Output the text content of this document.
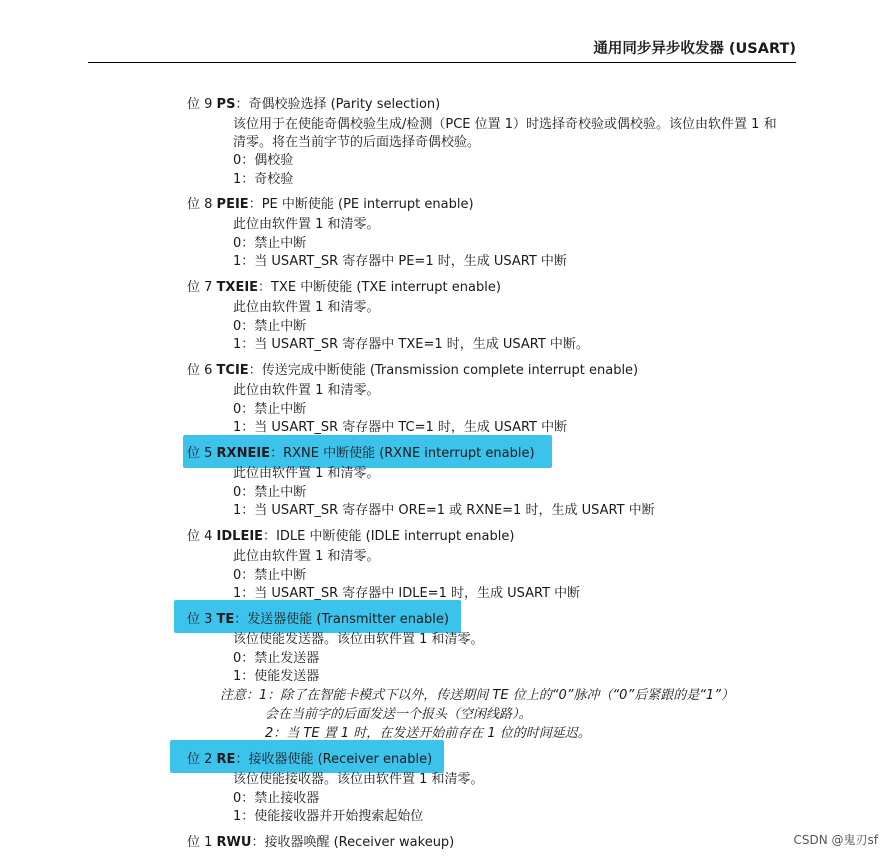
通用同步异步收发器 (USART)
位 9 PS：奇偶校验选择 (Parity selection)
该位用于在使能奇偶校验生成/检测（PCE 位置 1）时选择奇校验或偶校验。该位由软件置 1 和
清零。将在当前字节的后面选择奇偶校验。
0：偶校验
1：奇校验
位 8 PEIE：PE 中断使能 (PE interrupt enable)
此位由软件置 1 和清零。
0：禁止中断
1：当 USART_SR 寄存器中 PE=1 时，生成 USART 中断
位 7 TXEIE：TXE 中断使能 (TXE interrupt enable)
此位由软件置 1 和清零。
0：禁止中断
1：当 USART_SR 寄存器中 TXE=1 时，生成 USART 中断。
位 6 TCIE：传送完成中断使能 (Transmission complete interrupt enable)
此位由软件置 1 和清零。
0：禁止中断
1：当 USART_SR 寄存器中 TC=1 时，生成 USART 中断
位 5 RXNEIE：RXNE 中断使能 (RXNE interrupt enable)
此位由软件置 1 和清零。
0：禁止中断
1：当 USART_SR 寄存器中 ORE=1 或 RXNE=1 时，生成 USART 中断
位 4 IDLEIE：IDLE 中断使能 (IDLE interrupt enable)
此位由软件置 1 和清零。
0：禁止中断
1：当 USART_SR 寄存器中 IDLE=1 时，生成 USART 中断
位 3 TE：发送器使能 (Transmitter enable)
该位使能发送器。该位由软件置 1 和清零。
0：禁止发送器
1：使能发送器
注意：1：除了在智能卡模式下以外，传送期间 TE 位上的“0”脉冲（“0”后紧跟的是“1”）
会在当前字的后面发送一个报头（空闲线路）。
2：当 TE 置 1 时，在发送开始前存在 1 位的时间延迟。
位 2 RE：接收器使能 (Receiver enable)
该位使能接收器。该位由软件置 1 和清零。
0：禁止接收器
1：使能接收器并开始搜索起始位
位 1 RWU：接收器唤醒 (Receiver wakeup)	CSDN @鬼刃sf
